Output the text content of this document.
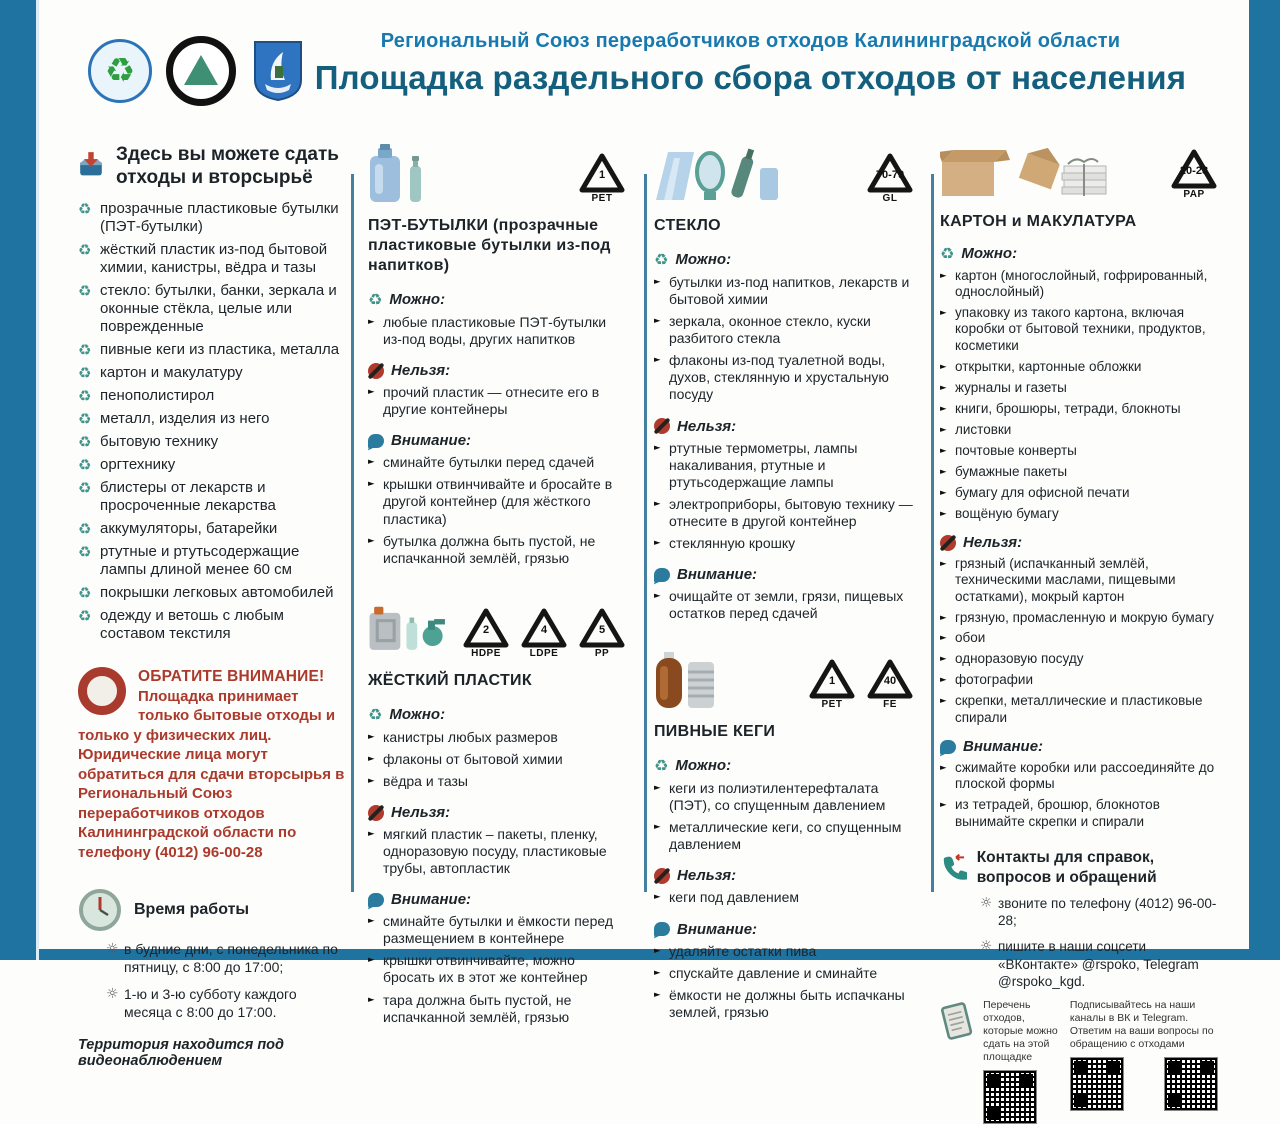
♻
Региональный Союз переработчиков отходов Калининградской области
Площадка раздельного сбора отходов от населения
Здесь вы можете сдать отходы и вторсырьё
♻ прозрачные пластиковые бутылки (ПЭТ-бутылки)
♻ жёсткий пластик из-под бытовой химии, канистры, вёдра и тазы
♻ стекло: бутылки, банки, зеркала и оконные стёкла, целые или поврежденные
♻ пивные кеги из пластика, металла
♻ картон и макулатуру
♻ пенополистирол
♻ металл, изделия из него
♻ бытовую технику
♻ оргтехнику
♻ блистеры от лекарств и просроченные лекарства
♻ аккумуляторы, батарейки
♻ ртутные и ртутьсодержащие лампы длиной менее 60 см
♻ покрышки легковых автомобилей
♻ одежду и ветошь с любым составом текстиля
ОБРАТИТЕ ВНИМАНИЕ!
Площадка принимает только бытовые отходы и только у физических лиц. Юридические лица могут обратиться для сдачи вторсырья в Региональный Союз переработчиков отходов Калининградской области по телефону (4012) 96-00-28
Время работы
☼ в будние дни, с понедельника по пятницу, с 8:00 до 17:00;
☼ 1-ю и 3-ю субботу каждого месяца с 8:00 до 17:00.
Территория находится под видеонаблюдением
1
PET
ПЭТ-БУТЫЛКИ (прозрачные пластиковые бутылки из-под напитков)
♻ Можно:
► любые пластиковые ПЭТ-бутылки из-под воды, других напитков
Нельзя:
► прочий пластик — отнесите его в другие контейнеры
Внимание:
► сминайте бутылки перед сдачей
► крышки отвинчивайте и бросайте в другой контейнер (для жёсткого пластика)
► бутылка должна быть пустой, не испачканной землёй, грязью
2
HDPE
4
LDPE
5
PP
ЖЁСТКИЙ ПЛАСТИК
♻ Можно:
► канистры любых размеров
► флаконы от бытовой химии
► вёдра и тазы
Нельзя:
► мягкий пластик – пакеты, пленку, одноразовую посуду, пластиковые трубы, автопластик
Внимание:
► сминайте бутылки и ёмкости перед размещением в контейнере
► крышки отвинчивайте, можно бросать их в этот же контейнер
► тара должна быть пустой, не испачканной землёй, грязью
70-79
GL
СТЕКЛО
♻ Можно:
► бутылки из-под напитков, лекарств и бытовой химии
► зеркала, оконное стекло, куски разбитого стекла
► флаконы из-под туалетной воды, духов, стеклянную и хрустальную посуду
Нельзя:
► ртутные термометры, лампы накаливания, ртутные и ртутьсодержащие лампы
► электроприборы, бытовую технику — отнесите в другой контейнер
► стеклянную крошку
Внимание:
► очищайте от земли, грязи, пищевых остатков перед сдачей
1
PET
40
FE
ПИВНЫЕ КЕГИ
♻ Можно:
► кеги из полиэтилентерефталата (ПЭТ), со спущенным давлением
► металлические кеги, со спущенным давлением
Нельзя:
► кеги под давлением
Внимание:
► удаляйте остатки пива
► спускайте давление и сминайте
► ёмкости не должны быть испачканы землей, грязью
20-23
PAP
КАРТОН и МАКУЛАТУРА
♻ Можно:
► картон (многослойный, гофрированный, однослойный)
► упаковку из такого картона, включая коробки от бытовой техники, продуктов, косметики
► открытки, картонные обложки
► журналы и газеты
► книги, брошюры, тетради, блокноты
► листовки
► почтовые конверты
► бумажные пакеты
► бумагу для офисной печати
► вощёную бумагу
Нельзя:
► грязный (испачканный землёй, техническими маслами, пищевыми остатками), мокрый картон
► грязную, промасленную и мокрую бумагу
► обои
► одноразовую посуду
► фотографии
► скрепки, металлические и пластиковые спирали
Внимание:
► сжимайте коробки или рассоединяйте до плоской формы
► из тетрадей, брошюр, блокнотов вынимайте скрепки и спирали
Контакты для справок, вопросов и обращений
☼ звоните по телефону (4012) 96-00-28;
☼ пишите в наши соцсети «ВКонтакте» @rspoko, Telegram @rspoko_kgd.
Перечень отходов, которые можно сдать на этой площадке
Подписывайтесь на наши каналы в ВК и Telegram. Ответим на ваши вопросы по обращению с отходами
